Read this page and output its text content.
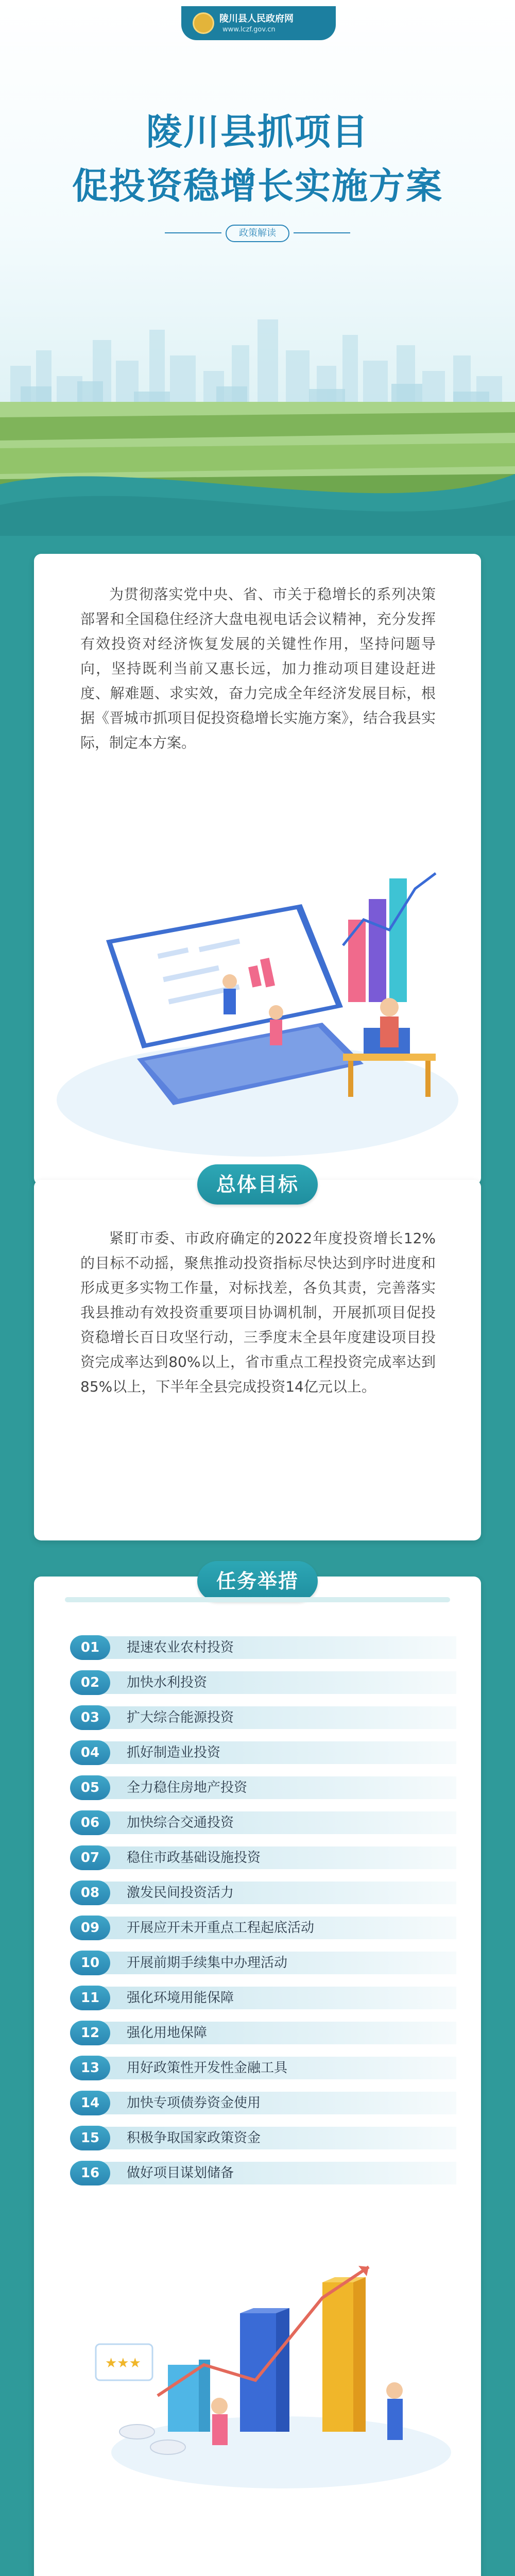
陵川县人民政府网
www.lczf.gov.cn
陵川县抓项目
促投资稳增长实施方案
政策解读

为贯彻落实党中央、省、市关于稳增长的系列决策部署和全国稳住经济大盘电视电话会议精神，充分发挥有效投资对经济恢复发展的关键性作用，坚持问题导向，坚持既利当前又惠长远，加力推动项目建设赶进度、解难题、求实效，奋力完成全年经济发展目标，根据《晋城市抓项目促投资稳增长实施方案》，结合我县实际，制定本方案。

总体目标

紧盯市委、市政府确定的2022年度投资增长12%的目标不动摇，聚焦推动投资指标尽快达到序时进度和形成更多实物工作量，对标找差，各负其责，完善落实我县推动有效投资重要项目协调机制，开展抓项目促投资稳增长百日攻坚行动，三季度末全县年度建设项目投资完成率达到80%以上，省市重点工程投资完成率达到85%以上，下半年全县完成投资14亿元以上。

任务举措
01	提速农业农村投资
02	加快水利投资
03	扩大综合能源投资
04	抓好制造业投资
05	全力稳住房地产投资
06	加快综合交通投资
07	稳住市政基础设施投资
08	激发民间投资活力
09	开展应开未开重点工程起底活动
10	开展前期手续集中办理活动
11	强化环境用能保障
12	强化用地保障
13	用好政策性开发性金融工具
14	加快专项债券资金使用
15	积极争取国家政策资金
16	做好项目谋划储备
★★★
